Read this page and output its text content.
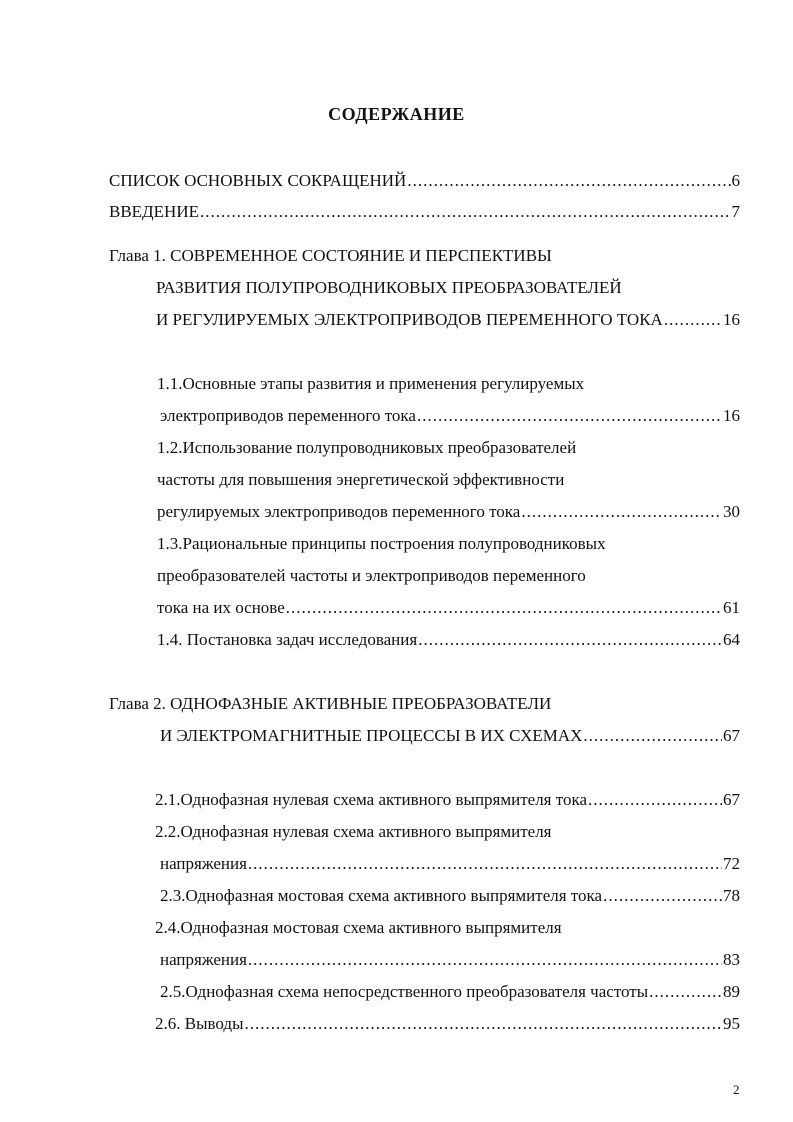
СОДЕРЖАНИЕ
СПИСОК ОСНОВНЫХ СОКРАЩЕНИЙ .....	6
ВВЕДЕНИЕ .....	7
Глава 1. СОВРЕМЕННОЕ СОСТОЯНИЕ И ПЕРСПЕКТИВЫ
РАЗВИТИЯ ПОЛУПРОВОДНИКОВЫХ ПРЕОБРАЗОВАТЕЛЕЙ
И РЕГУЛИРУЕМЫХ ЭЛЕКТРОПРИВОДОВ ПЕРЕМЕННОГО ТОКА .....	16
1.1.Основные этапы развития и применения регулируемых
электроприводов переменного тока .....	16
1.2.Использование полупроводниковых преобразователей
частоты для повышения энергетической эффективности
регулируемых электроприводов переменного тока .....	30
1.3.Рациональные принципы построения полупроводниковых
преобразователей частоты и электроприводов переменного
тока на их основе .....	61
1.4. Постановка задач исследования .....	64
Глава 2. ОДНОФАЗНЫЕ АКТИВНЫЕ ПРЕОБРАЗОВАТЕЛИ
И ЭЛЕКТРОМАГНИТНЫЕ ПРОЦЕССЫ В ИХ СХЕМАХ .....	67
2.1.Однофазная нулевая схема активного выпрямителя тока .....	67
2.2.Однофазная нулевая схема активного выпрямителя
напряжения .....	72
2.3.Однофазная мостовая схема активного выпрямителя тока .....	78
2.4.Однофазная мостовая схема активного выпрямителя
напряжения .....	83
2.5.Однофазная схема непосредственного преобразователя частоты .....	89
2.6. Выводы .....	95
2
